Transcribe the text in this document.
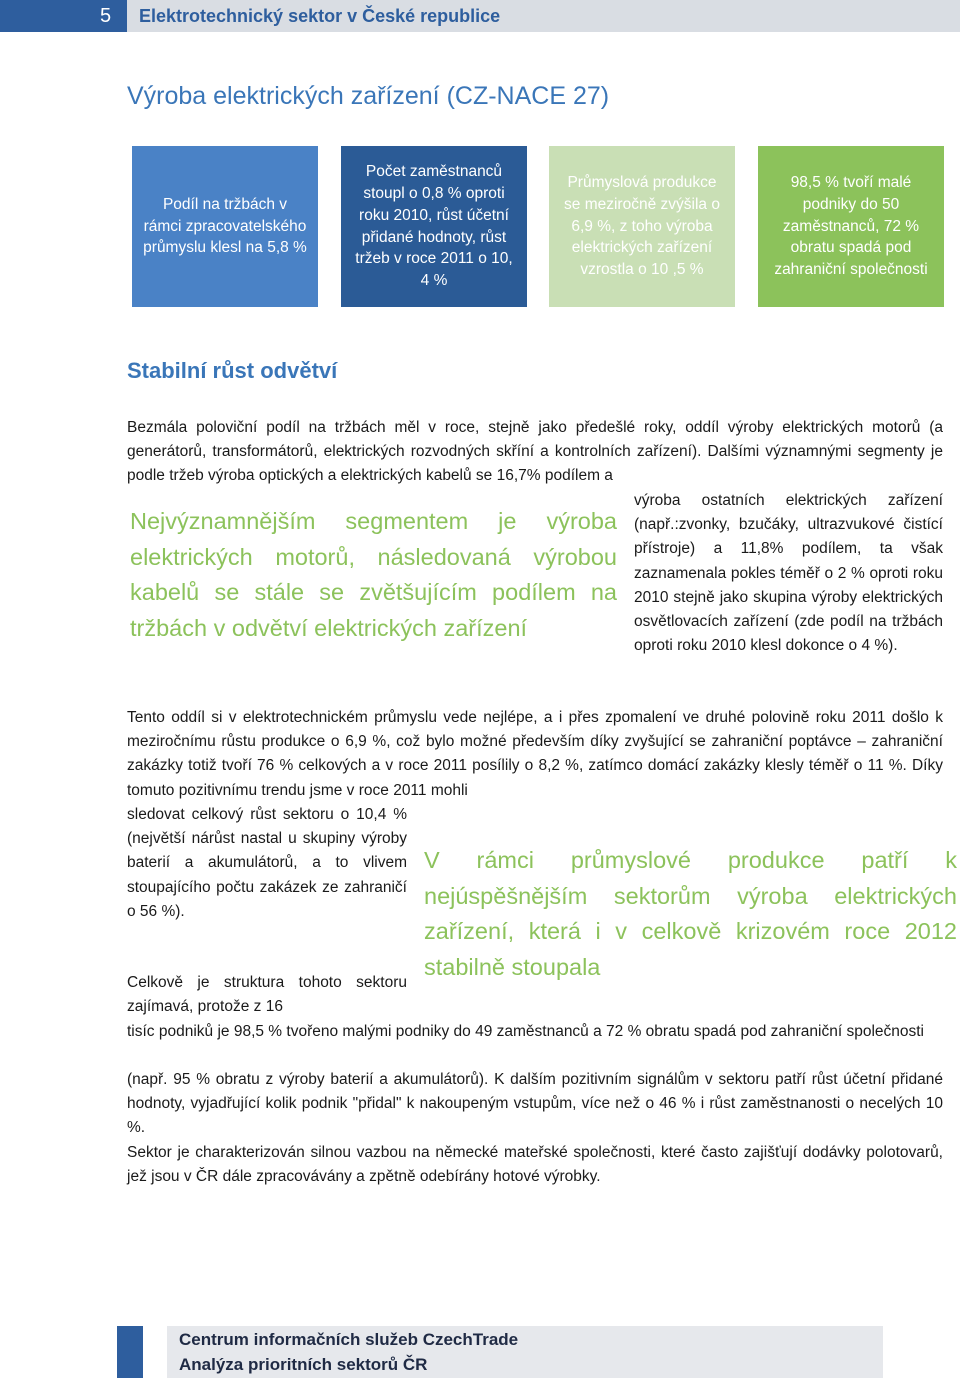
5	Elektrotechnický sektor v České republice
Výroba elektrických zařízení (CZ-NACE 27)
Podíl na tržbách v rámci zpracovatelského průmyslu klesl na 5,8 %
Počet zaměstnanců stoupl o 0,8 % oproti roku 2010, růst účetní přidané hodnoty, růst tržeb v roce 2011 o 10, 4 %
Průmyslová produkce se meziročně zvýšila o 6,9 %, z toho výroba elektrických zařízení vzrostla o 10 ,5 %
98,5 % tvoří malé podniky do 50 zaměstnanců, 72 % obratu spadá pod zahraniční společnosti
Stabilní růst odvětví

Bezmála poloviční podíl na tržbách měl v roce, stejně jako předešlé roky, oddíl výroby elektrických motorů (a generátorů, transformátorů, elektrických rozvodných skříní a kontrolních zařízení). Dalšími významnými segmenty je podle tržeb výroba optických a elektrických kabelů se 16,7% podílem a

výroba ostatních elektrických zařízení (např.:zvonky, bzučáky, ultrazvukové čistící přístroje) a 11,8% podílem, ta však zaznamenala pokles téměř o 2 % oproti roku 2010 stejně jako skupina výroby elektrických osvětlovacích zařízení (zde podíl na tržbách oproti roku 2010 klesl dokonce o 4 %).

Nejvýznamnějším segmentem je výroba elektrických motorů, následovaná výrobou kabelů se stále se zvětšujícím podílem na tržbách v odvětví elektrických zařízení

Tento oddíl si v elektrotechnickém průmyslu vede nejlépe, a i přes zpomalení ve druhé polovině roku 2011 došlo k meziročnímu růstu produkce o 6,9 %, což bylo možné především díky zvyšující se zahraniční poptávce – zahraniční zakázky totiž tvoří 76 % celkových a v roce 2011 posílily o 8,2 %, zatímco domácí zakázky klesly téměř o 11 %. Díky tomuto pozitivnímu trendu jsme v roce 2011 mohli

sledovat celkový růst sektoru o 10,4 % (největší nárůst nastal u skupiny výroby baterií a akumulátorů, a to vlivem stoupajícího počtu zakázek ze zahraničí o 56 %).

V rámci průmyslové produkce patří k nejúspěšnějším sektorům výroba elektrických zařízení, která i v celkově krizovém roce 2012 stabilně stoupala

Celkově je struktura tohoto sektoru zajímavá, protože z 16

tisíc podniků je 98,5 % tvořeno malými podniky do 49 zaměstnanců a 72 % obratu spadá pod zahraniční společnosti

(např. 95 % obratu z výroby baterií a akumulátorů). K dalším pozitivním signálům v sektoru patří růst účetní přidané hodnoty, vyjadřující kolik podnik "přidal" k nakoupeným vstupům, více než o 46 % i růst zaměstnanosti o necelých 10 %.

Sektor je charakterizován silnou vazbou na německé mateřské společnosti, které často zajišťují dodávky polotovarů, jež jsou v ČR dále zpracovávány a zpětně odebírány hotové výrobky.

Centrum informačních služeb CzechTrade
Analýza prioritních sektorů ČR
